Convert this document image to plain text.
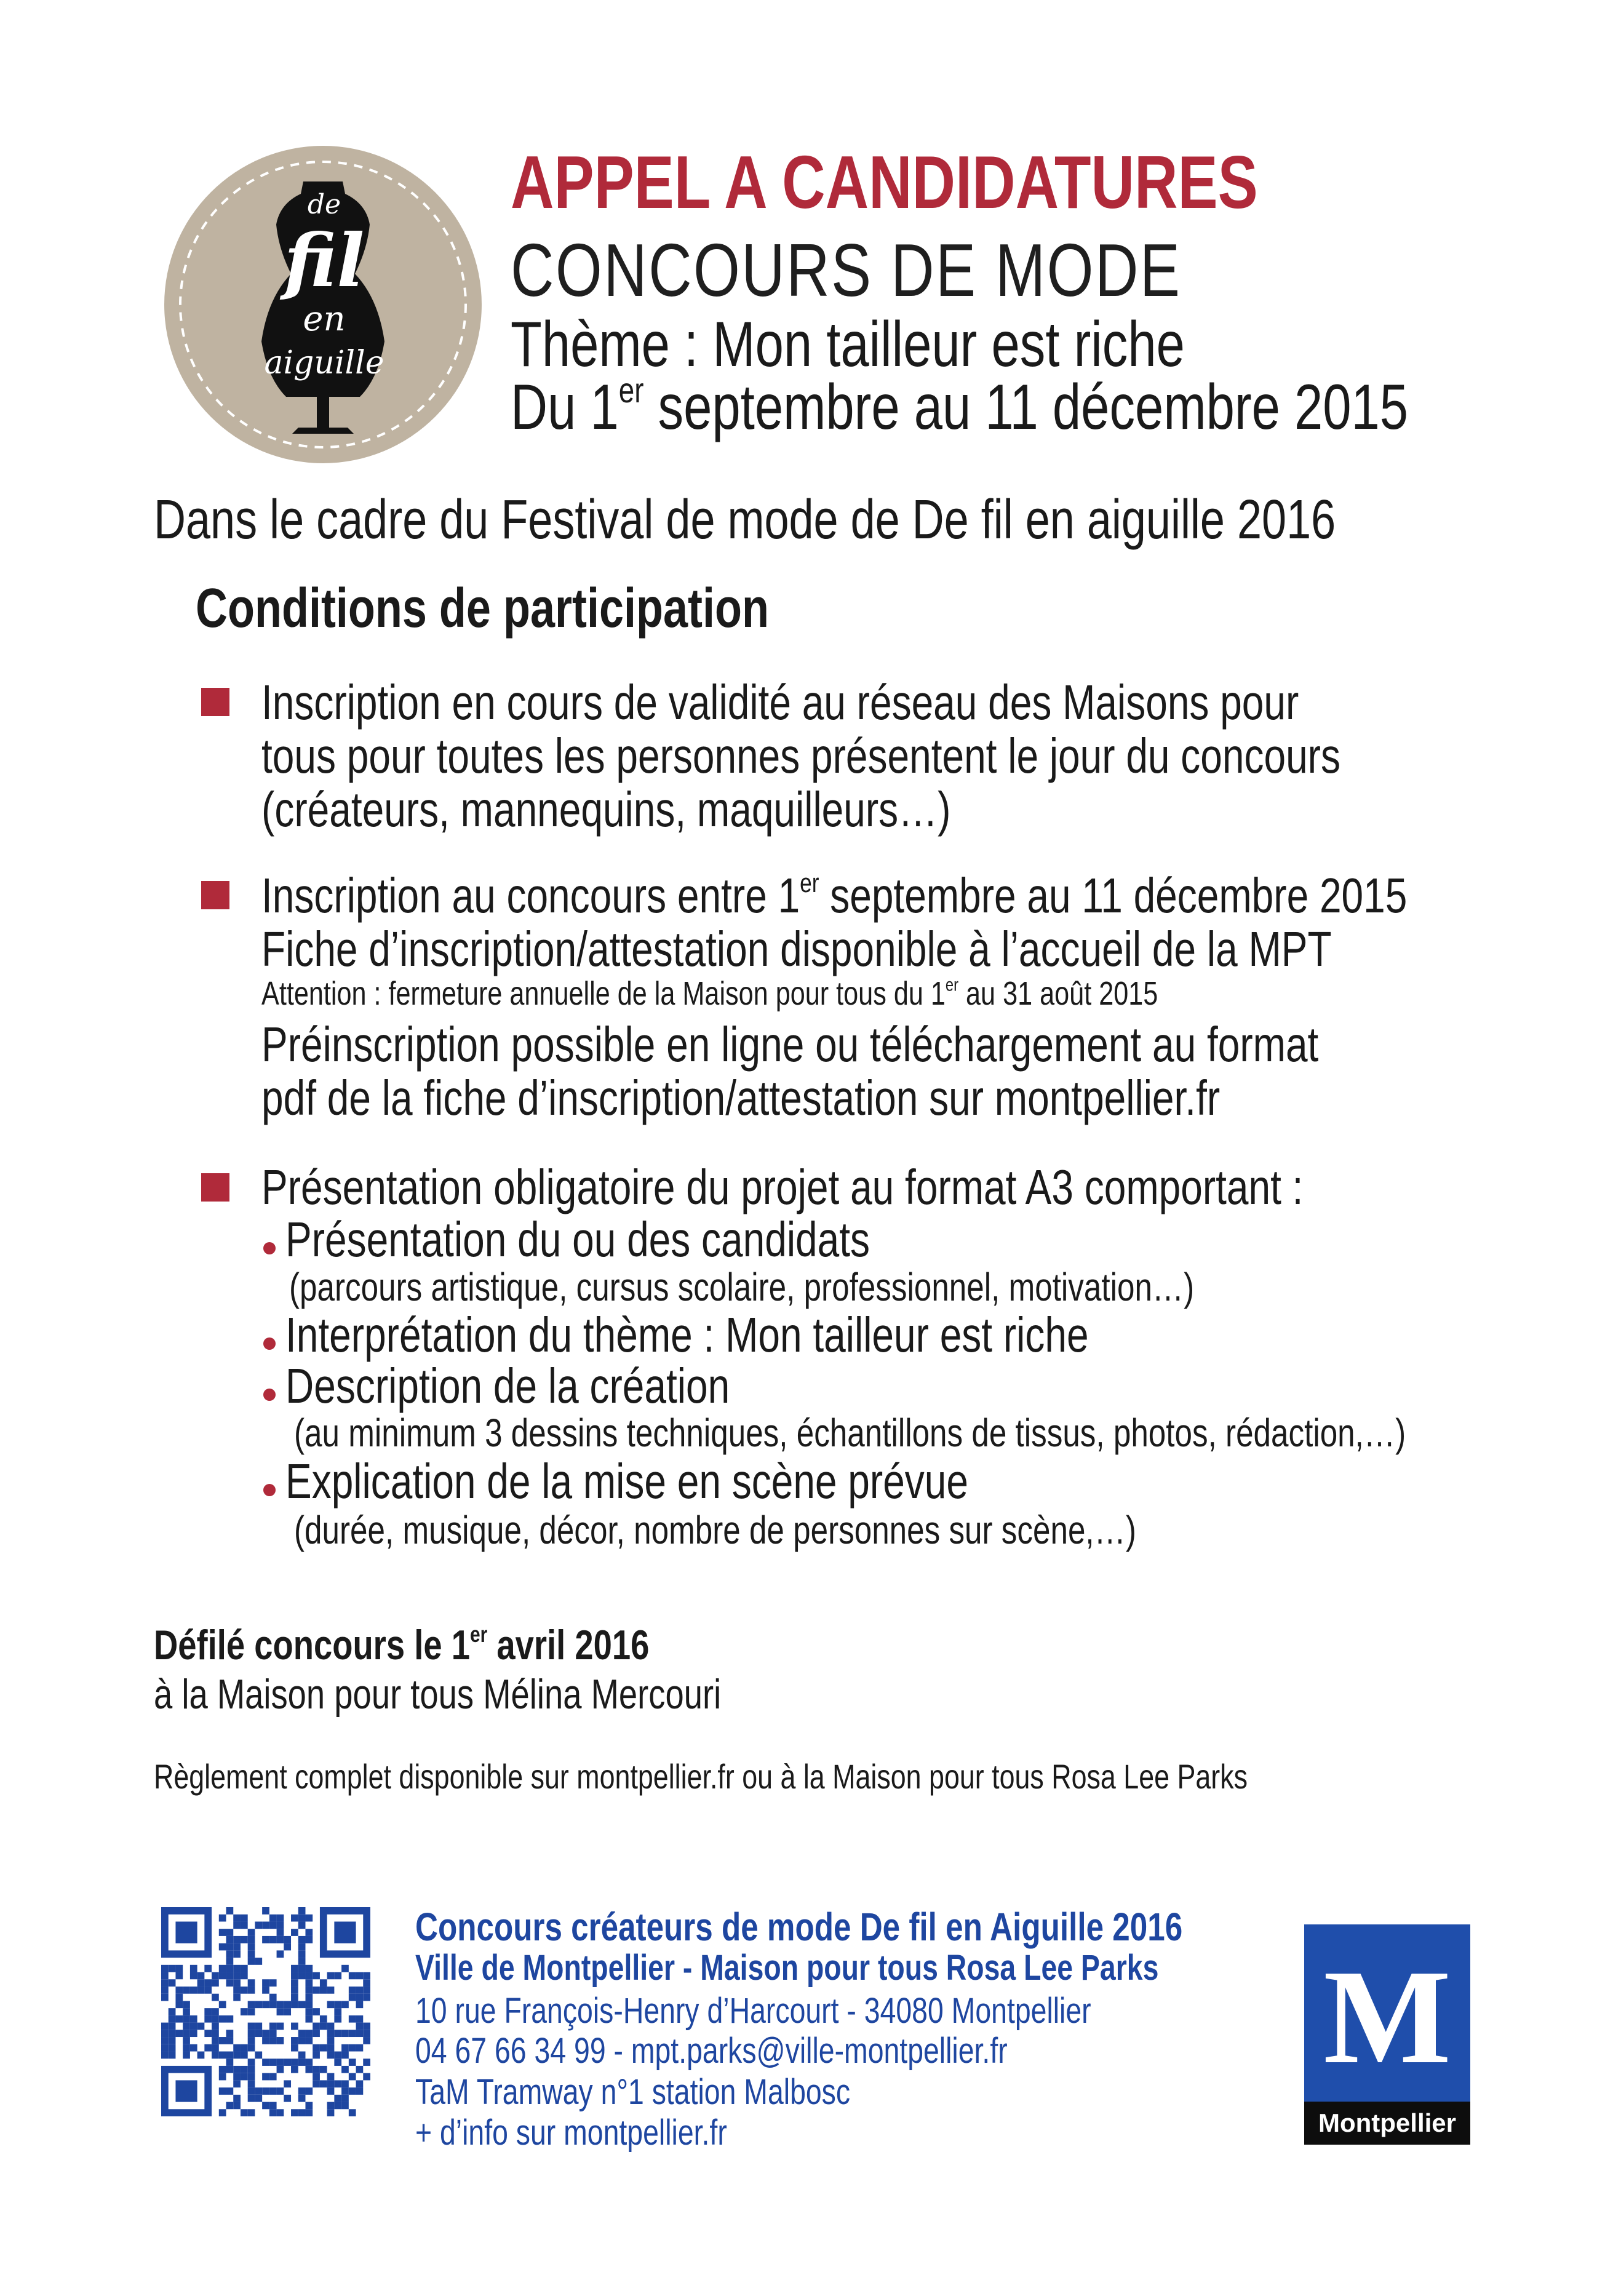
de
fil
en
aiguille
APPEL A CANDIDATURES
CONCOURS DE MODE
Thème : Mon tailleur est riche
Du 1er septembre au 11 décembre 2015
Dans le cadre du Festival de mode de De fil en aiguille 2016
Conditions de participation
Inscription en cours de validité au réseau des Maisons pour
tous pour toutes les personnes présentent le jour du concours
(créateurs, mannequins, maquilleurs…)
Inscription au concours entre 1er septembre au 11 décembre 2015
Fiche d’inscription/attestation disponible à l’accueil de la MPT
Attention : fermeture annuelle de la Maison pour tous du 1er au 31 août 2015
Préinscription possible en ligne ou téléchargement au format
pdf de la fiche d’inscription/attestation sur montpellier.fr
Présentation obligatoire du projet au format A3 comportant :
Présentation du ou des candidats
(parcours artistique, cursus scolaire, professionnel, motivation…)
Interprétation du thème : Mon tailleur est riche
Description de la création
(au minimum 3 dessins techniques, échantillons de tissus, photos, rédaction,…)
Explication de la mise en scène prévue
(durée, musique, décor, nombre de personnes sur scène,…)
Défilé concours le 1er avril 2016
à la Maison pour tous Mélina Mercouri
Règlement complet disponible sur montpellier.fr ou à la Maison pour tous Rosa Lee Parks
Concours créateurs de mode De fil en Aiguille 2016
Ville de Montpellier - Maison pour tous Rosa Lee Parks
10 rue François-Henry d’Harcourt - 34080 Montpellier
04 67 66 34 99 - mpt.parks@ville-montpellier.fr
TaM Tramway n°1 station Malbosc
+ d’info sur montpellier.fr
M
Montpellier
